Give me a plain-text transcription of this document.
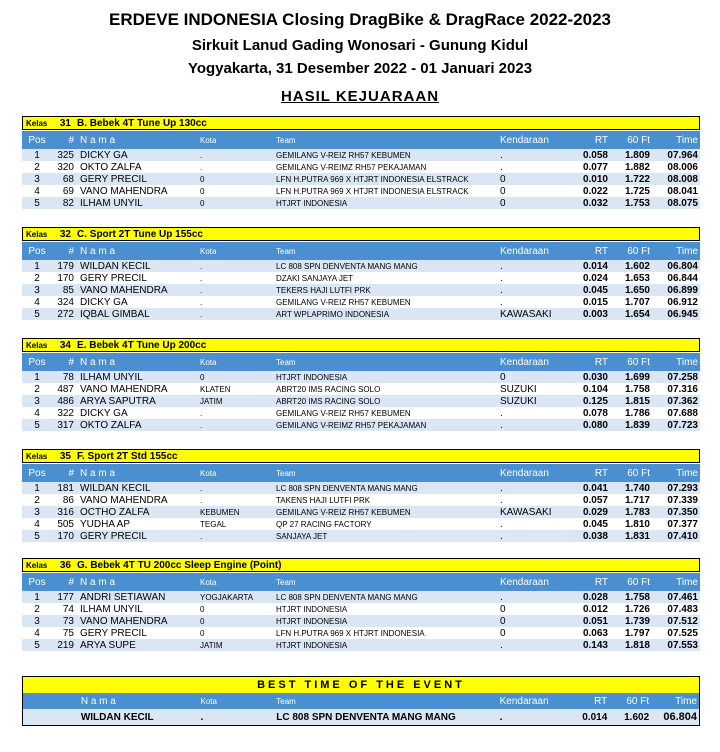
ERDEVE INDONESIA Closing DragBike & DragRace 2022-2023
Sirkuit Lanud Gading Wonosari - Gunung Kidul
Yogyakarta, 31 Desember 2022 - 01 Januari 2023
HASIL KEJUARAAN
Kelas	31 B. Bebek 4T Tune Up 130cc
Pos	# N a m a	Kota	Team	Kendaraan	RT	60 Ft	Time
1	325 DICKY GA	.	GEMILANG V-REIZ RH57 KEBUMEN	.	0.058	1.809	07.964
2	320 OKTO ZALFA	.	GEMILANG V-REIMZ RH57 PEKAJAMAN	.	0.077	1.882	08.006
3	68 GERY PRECIL	0	LFN H.PUTRA 969 X HTJRT INDONESIA ELSTRACK	0	0.010	1.722	08.008
4	69 VANO MAHENDRA	0	LFN H.PUTRA 969 X HTJRT INDONESIA ELSTRACK	0	0.022	1.725	08.041
5	82 ILHAM UNYIL	0	HTJRT INDONESIA	0	0.032	1.753	08.075
Kelas	32 C. Sport 2T Tune Up 155cc
Pos	# N a m a	Kota	Team	Kendaraan	RT	60 Ft	Time
1	179 WILDAN KECIL	.	LC 808 SPN DENVENTA MANG MANG	.	0.014	1.602	06.804
2	170 GERY PRECIL	.	DZAKI SANJAYA JET	.	0.024	1.653	06.844
3	85 VANO MAHENDRA	.	TEKERS HAJI LUTFI PRK	.	0.045	1.650	06.899
4	324 DICKY GA	.	GEMILANG V-REIZ RH57 KEBUMEN	.	0.015	1.707	06.912
5	272 IQBAL GIMBAL	.	ART WPLAPRIMO INDONESIA	KAWASAKI	0.003	1.654	06.945
Kelas	34 E. Bebek 4T Tune Up 200cc
Pos	# N a m a	Kota	Team	Kendaraan	RT	60 Ft	Time
1	78 ILHAM UNYIL	0	HTJRT INDONESIA	0	0.030	1.699	07.258
2	487 VANO MAHENDRA	KLATEN	ABRT20 IMS RACING SOLO	SUZUKI	0.104	1.758	07.316
3	486 ARYA SAPUTRA	JATIM	ABRT20 IMS RACING SOLO	SUZUKI	0.125	1.815	07.362
4	322 DICKY GA	.	GEMILANG V-REIZ RH57 KEBUMEN	.	0.078	1.786	07.688
5	317 OKTO ZALFA	.	GEMILANG V-REIMZ RH57 PEKAJAMAN	.	0.080	1.839	07.723
Kelas	35 F. Sport 2T Std 155cc
Pos	# N a m a	Kota	Team	Kendaraan	RT	60 Ft	Time
1	181 WILDAN KECIL	.	LC 808 SPN DENVENTA MANG MANG	.	0.041	1.740	07.293
2	86 VANO MAHENDRA	.	TAKENS HAJI LUTFI PRK	.	0.057	1.717	07.339
3	316 OCTHO ZALFA	KEBUMEN	GEMILANG V-REIZ RH57 KEBUMEN	KAWASAKI	0.029	1.783	07.350
4	505 YUDHA AP	TEGAL	QP 27 RACING FACTORY	.	0.045	1.810	07.377
5	170 GERY PRECIL	.	SANJAYA JET	.	0.038	1.831	07.410
Kelas	36 G. Bebek 4T TU 200cc Sleep Engine (Point)
Pos	# N a m a	Kota	Team	Kendaraan	RT	60 Ft	Time
1	177 ANDRI SETIAWAN	YOGJAKARTA	LC 808 SPN DENVENTA MANG MANG	.	0.028	1.758	07.461
2	74 ILHAM UNYIL	0	HTJRT INDONESIA	0	0.012	1.726	07.483
3	73 VANO MAHENDRA	0	HTJRT INDONESIA	0	0.051	1.739	07.512
4	75 GERY PRECIL	0	LFN H.PUTRA 969 X HTJRT INDONESIA	0	0.063	1.797	07.525
5	219 ARYA SUPE	JATIM	HTJRT INDONESIA	.	0.143	1.818	07.553
BEST TIME OF THE EVENT
N a m a	Kota	Team	Kendaraan	RT	60 Ft	Time
WILDAN KECIL	.	LC 808 SPN DENVENTA MANG MANG	.	0.014	1.602	06.804
